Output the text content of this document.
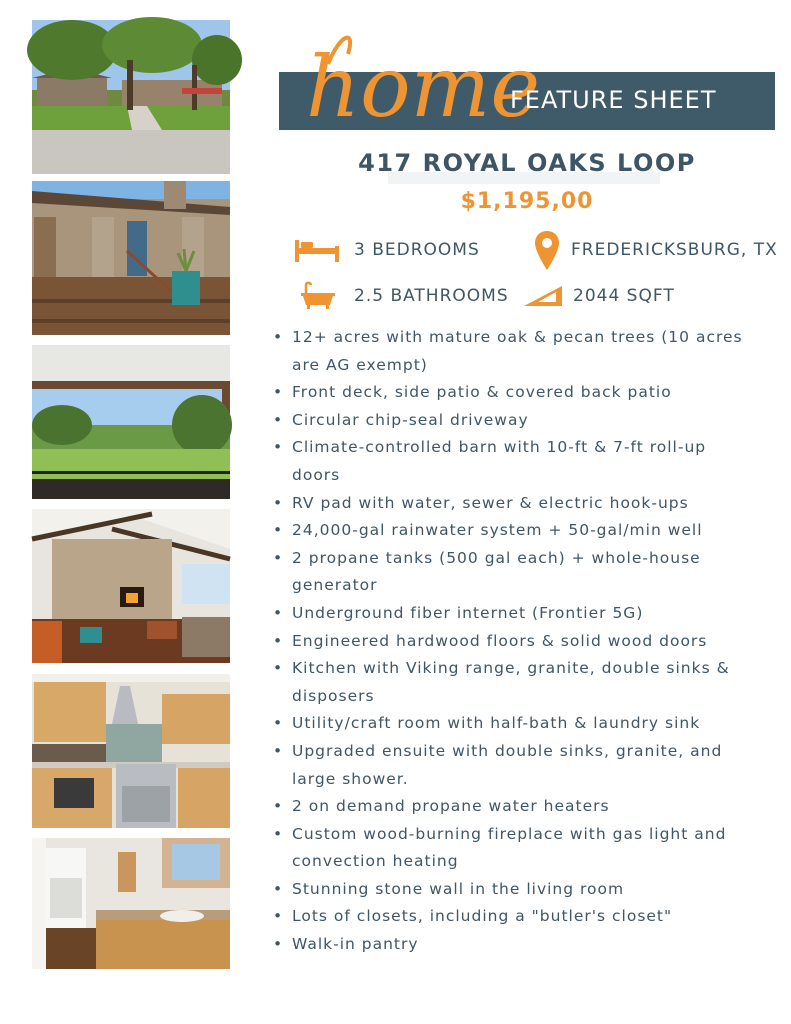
home
FEATURE SHEET
417 ROYAL OAKS LOOP
$1,195,00
3 BEDROOMS	FREDERICKSBURG, TX
2.5 BATHROOMS	2044 SQFT
• 12+ acres with mature oak & pecan trees (10 acres are AG exempt)
• Front deck, side patio & covered back patio
• Circular chip-seal driveway
• Climate-controlled barn with 10-ft & 7-ft roll-up doors
• RV pad with water, sewer & electric hook-ups
• 24,000-gal rainwater system + 50-gal/min well
• 2 propane tanks (500 gal each) + whole-house generator
• Underground fiber internet (Frontier 5G)
• Engineered hardwood floors & solid wood doors
• Kitchen with Viking range, granite, double sinks & disposers
• Utility/craft room with half-bath & laundry sink
• Upgraded ensuite with double sinks, granite, and large shower.
• 2 on demand propane water heaters
• Custom wood-burning fireplace with gas light and convection heating
• Stunning stone wall in the living room
• Lots of closets, including a "butler's closet"
• Walk-in pantry
